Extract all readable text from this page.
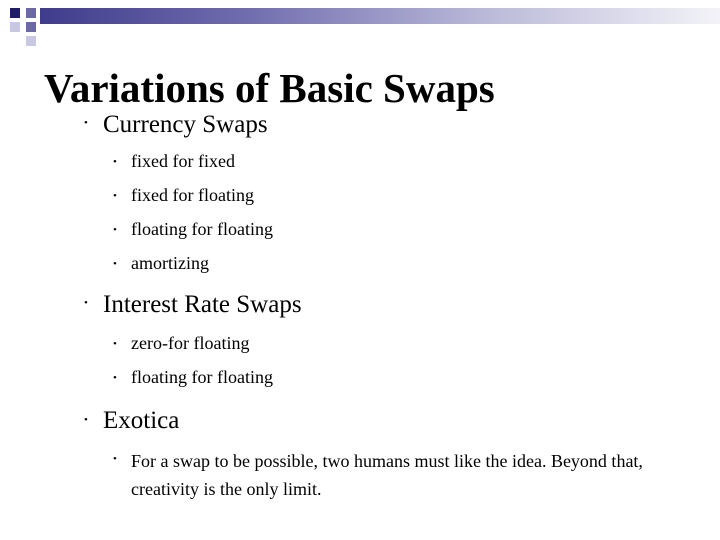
Variations of Basic Swaps
• Currency Swaps
• fixed for fixed
• fixed for floating
• floating for floating
• amortizing
• Interest Rate Swaps
• zero-for floating
• floating for floating
• Exotica
• For a swap to be possible, two humans must like the idea. Beyond that, creativity is the only limit.
